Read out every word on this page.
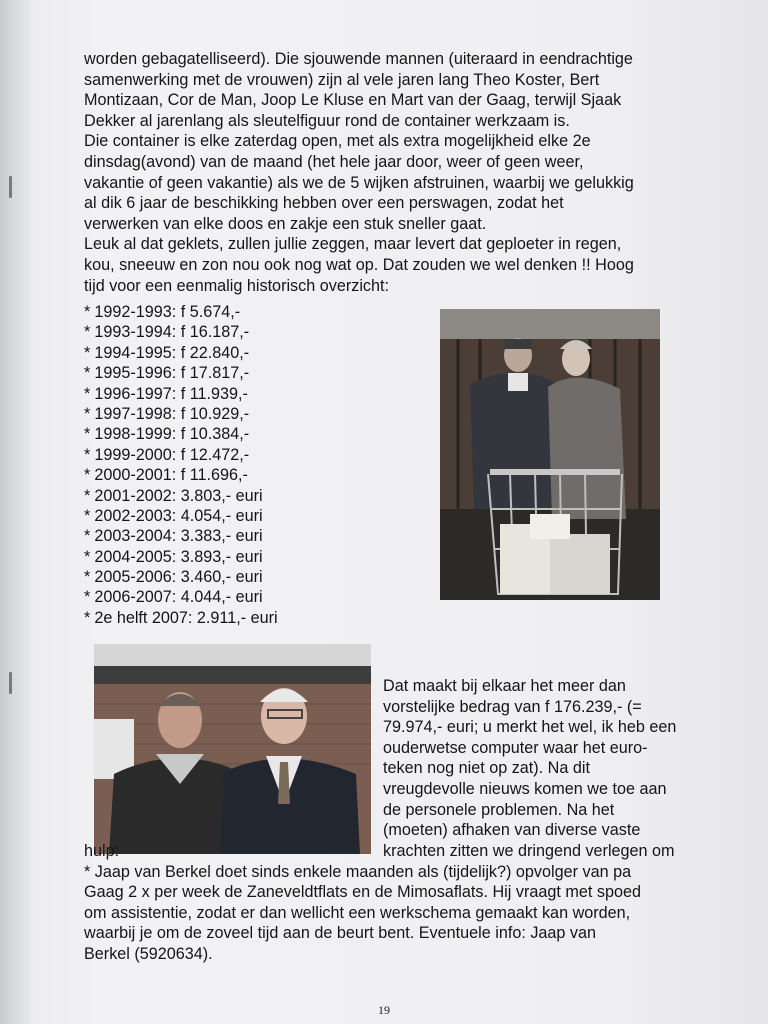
worden gebagatelliseerd). Die sjouwende mannen (uiteraard in eendrachtige
samenwerking met de vrouwen) zijn al vele jaren lang Theo Koster, Bert
Montizaan, Cor de Man, Joop Le Kluse en Mart van der Gaag, terwijl Sjaak
Dekker al jarenlang als sleutelfiguur rond de container werkzaam is.
Die container is elke zaterdag open, met als extra mogelijkheid elke 2e
dinsdag(avond) van de maand (het hele jaar door, weer of geen weer,
vakantie of geen vakantie) als we de 5 wijken afstruinen, waarbij we gelukkig
al dik 6 jaar de beschikking hebben over een perswagen, zodat het
verwerken van elke doos en zakje een stuk sneller gaat.
Leuk al dat geklets, zullen jullie zeggen, maar levert dat geploeter in regen,
kou, sneeuw en zon nou ook nog wat op. Dat zouden we wel denken !! Hoog
tijd voor een eenmalig historisch overzicht:
* 1992-1993: f 5.674,-
* 1993-1994: f 16.187,-
* 1994-1995: f 22.840,-
* 1995-1996: f 17.817,-
* 1996-1997: f 11.939,-
* 1997-1998: f 10.929,-
* 1998-1999: f 10.384,-
* 1999-2000: f 12.472,-
* 2000-2001: f 11.696,-
* 2001-2002: 3.803,- euri
* 2002-2003: 4.054,- euri
* 2003-2004: 3.383,- euri
* 2004-2005: 3.893,- euri
* 2005-2006: 3.460,- euri
* 2006-2007: 4.044,- euri
* 2e helft 2007: 2.911,- euri
Dat maakt bij elkaar het meer dan
vorstelijke bedrag van f 176.239,- (=
79.974,- euri; u merkt het wel, ik heb een
ouderwetse computer waar het euro-
teken nog niet op zat). Na dit
vreugdevolle nieuws komen we toe aan
de personele problemen. Na het
(moeten) afhaken van diverse vaste
krachten zitten we dringend verlegen om
hulp:
* Jaap van Berkel doet sinds enkele maanden als (tijdelijk?) opvolger van pa
Gaag 2 x per week de Zaneveldtflats en de Mimosaflats. Hij vraagt met spoed
om assistentie, zodat er dan wellicht een werkschema gemaakt kan worden,
waarbij je om de zoveel tijd aan de beurt bent. Eventuele info: Jaap van
Berkel (5920634).
19
